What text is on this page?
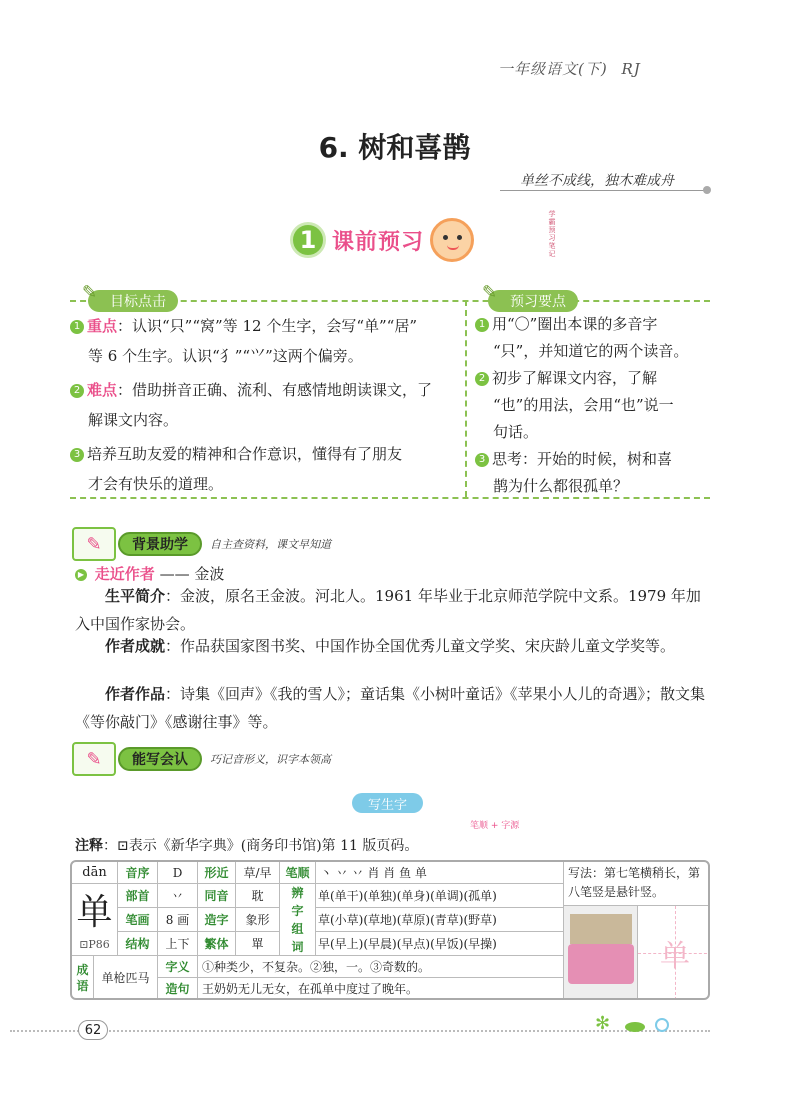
一年级语文(下) RJ
6. 树和喜鹊
单丝不成线，独木难成舟
1 课前预习	学霸预习笔记
✎ 目标点击	✎ 预习要点
1 重点：认识“只”“窝”等 12 个生字，会写“单”“居”
等 6 个生字。认识“犭”“⺍”这两个偏旁。
2 难点：借助拼音正确、流利、有感情地朗读课文，了
解课文内容。
3 培养互助友爱的精神和合作意识，懂得有了朋友
才会有快乐的道理。
1 用“〇”圈出本课的多音字
“只”，并知道它的两个读音。
2 初步了解课文内容，了解
“也”的用法，会用“也”说一
句话。
3 思考：开始的时候，树和喜
鹊为什么都很孤单？
✎	背景助学	自主查资料，课文早知道
▶ 走近作者 —— 金波
生平简介：金波，原名王金波。河北人。1961 年毕业于北京师范学院中文系。1979 年加入中国作家协会。
作者成就：作品获国家图书奖、中国作协全国优秀儿童文学奖、宋庆龄儿童文学奖等。
作者作品：诗集《回声》《我的雪人》；童话集《小树叶童话》《苹果小人儿的奇遇》；散文集《等你敲门》《感谢往事》等。
✎	能写会认	巧记音形义，识字本领高
写生字
笔顺 + 字源
注释：⊡表示《新华字典》(商务印书馆)第 11 版页码。
dān
单
⊡P86
音序	D	形近	草/早	笔顺 丶 丷 丷 肖 肖 鱼 单
部首	丷	同音	耽
笔画	8 画	造字	象形
结构	上下	繁体	單
辨字组词
单(单干)(单独)(单身)(单调)(孤单)
草(小草)(草地)(草原)(青草)(野草)
早(早上)(早晨)(早点)(早饭)(早操)
成语
单枪匹马
字义	①种类少，不复杂。②独，一。③奇数的。
造句	王奶奶无儿无女，在孤单中度过了晚年。
写法：第七笔横稍长，第八笔竖是悬针竖。
单
62	✻
